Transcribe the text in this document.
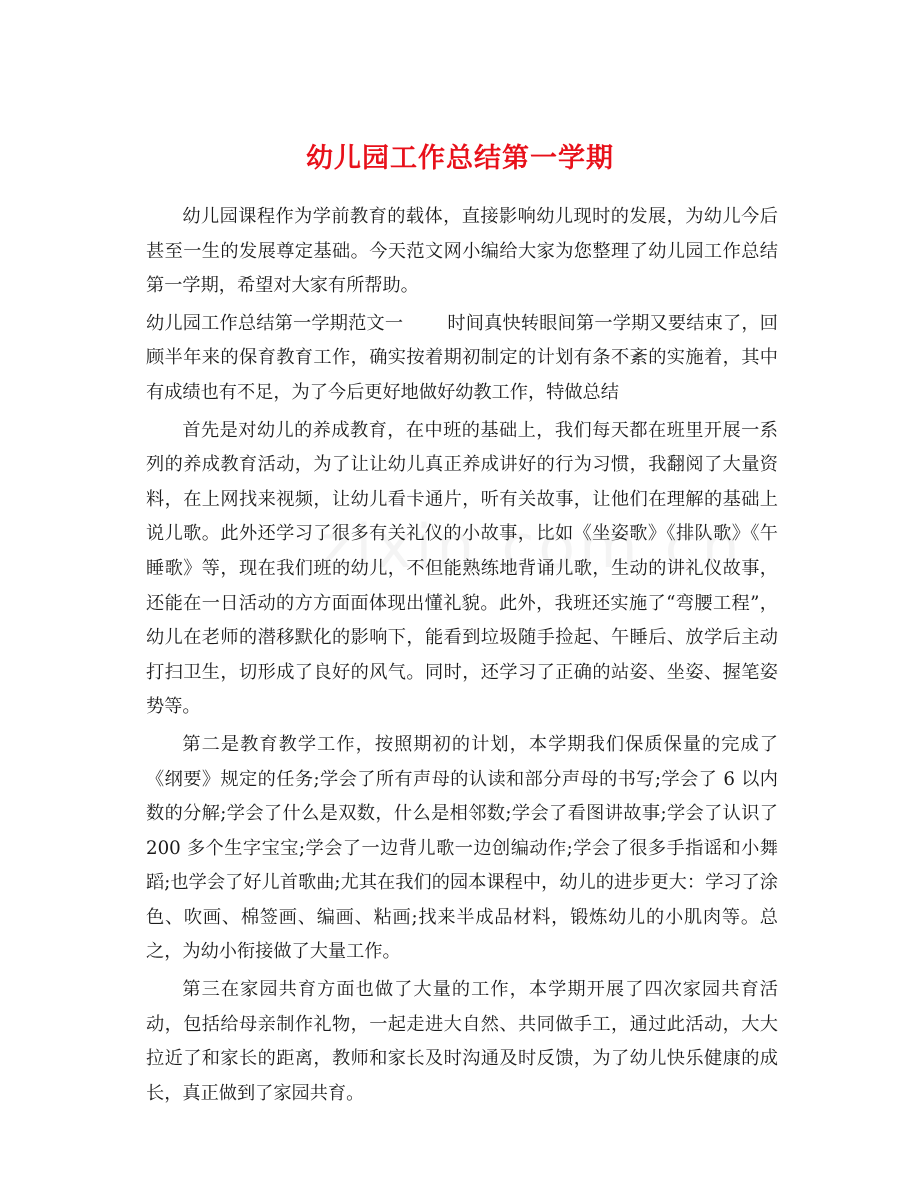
幼儿园工作总结第一学期

幼儿园课程作为学前教育的载体，直接影响幼儿现时的发展，为幼儿今后甚至一生的发展尊定基础。今天范文网小编给大家为您整理了幼儿园工作总结第一学期，希望对大家有所帮助。

幼儿园工作总结第一学期范文一 时间真快转眼间第一学期又要结束了，回顾半年来的保育教育工作，确实按着期初制定的计划有条不紊的实施着，其中有成绩也有不足，为了今后更好地做好幼教工作，特做总结

首先是对幼儿的养成教育，在中班的基础上，我们每天都在班里开展一系列的养成教育活动，为了让让幼儿真正养成讲好的行为习惯，我翻阅了大量资料，在上网找来视频，让幼儿看卡通片，听有关故事，让他们在理解的基础上说儿歌。此外还学习了很多有关礼仪的小故事，比如《坐姿歌》《排队歌》《午睡歌》等，现在我们班的幼儿，不但能熟练地背诵儿歌，生动的讲礼仪故事，还能在一日活动的方方面面体现出懂礼貌。此外，我班还实施了“弯腰工程”，幼儿在老师的潜移默化的影响下，能看到垃圾随手捡起、午睡后、放学后主动打扫卫生，切形成了良好的风气。同时，还学习了正确的站姿、坐姿、握笔姿势等。

第二是教育教学工作，按照期初的计划，本学期我们保质保量的完成了《纲要》规定的任务;学会了所有声母的认读和部分声母的书写;学会了 6 以内数的分解;学会了什么是双数，什么是相邻数;学会了看图讲故事;学会了认识了 200 多个生字宝宝;学会了一边背儿歌一边创编动作;学会了很多手指谣和小舞蹈;也学会了好儿首歌曲;尤其在我们的园本课程中，幼儿的进步更大：学习了涂色、吹画、棉签画、编画、粘画;找来半成品材料，锻炼幼儿的小肌肉等。总之，为幼小衔接做了大量工作。

第三在家园共育方面也做了大量的工作，本学期开展了四次家园共育活动，包括给母亲制作礼物，一起走进大自然、共同做手工，通过此活动，大大拉近了和家长的距离，教师和家长及时沟通及时反馈，为了幼儿快乐健康的成长，真正做到了家园共育。
